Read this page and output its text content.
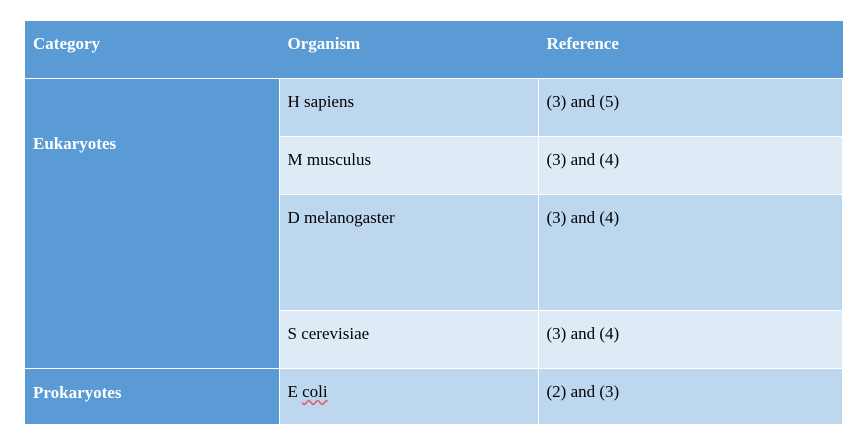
Category	Organism	Reference
Eukaryotes	H sapiens	(3) and (5)
	M musculus	(3) and (4)
	D melanogaster	(3) and (4)
	S cerevisiae	(3) and (4)
Prokaryotes	E coli	(2) and (3)
